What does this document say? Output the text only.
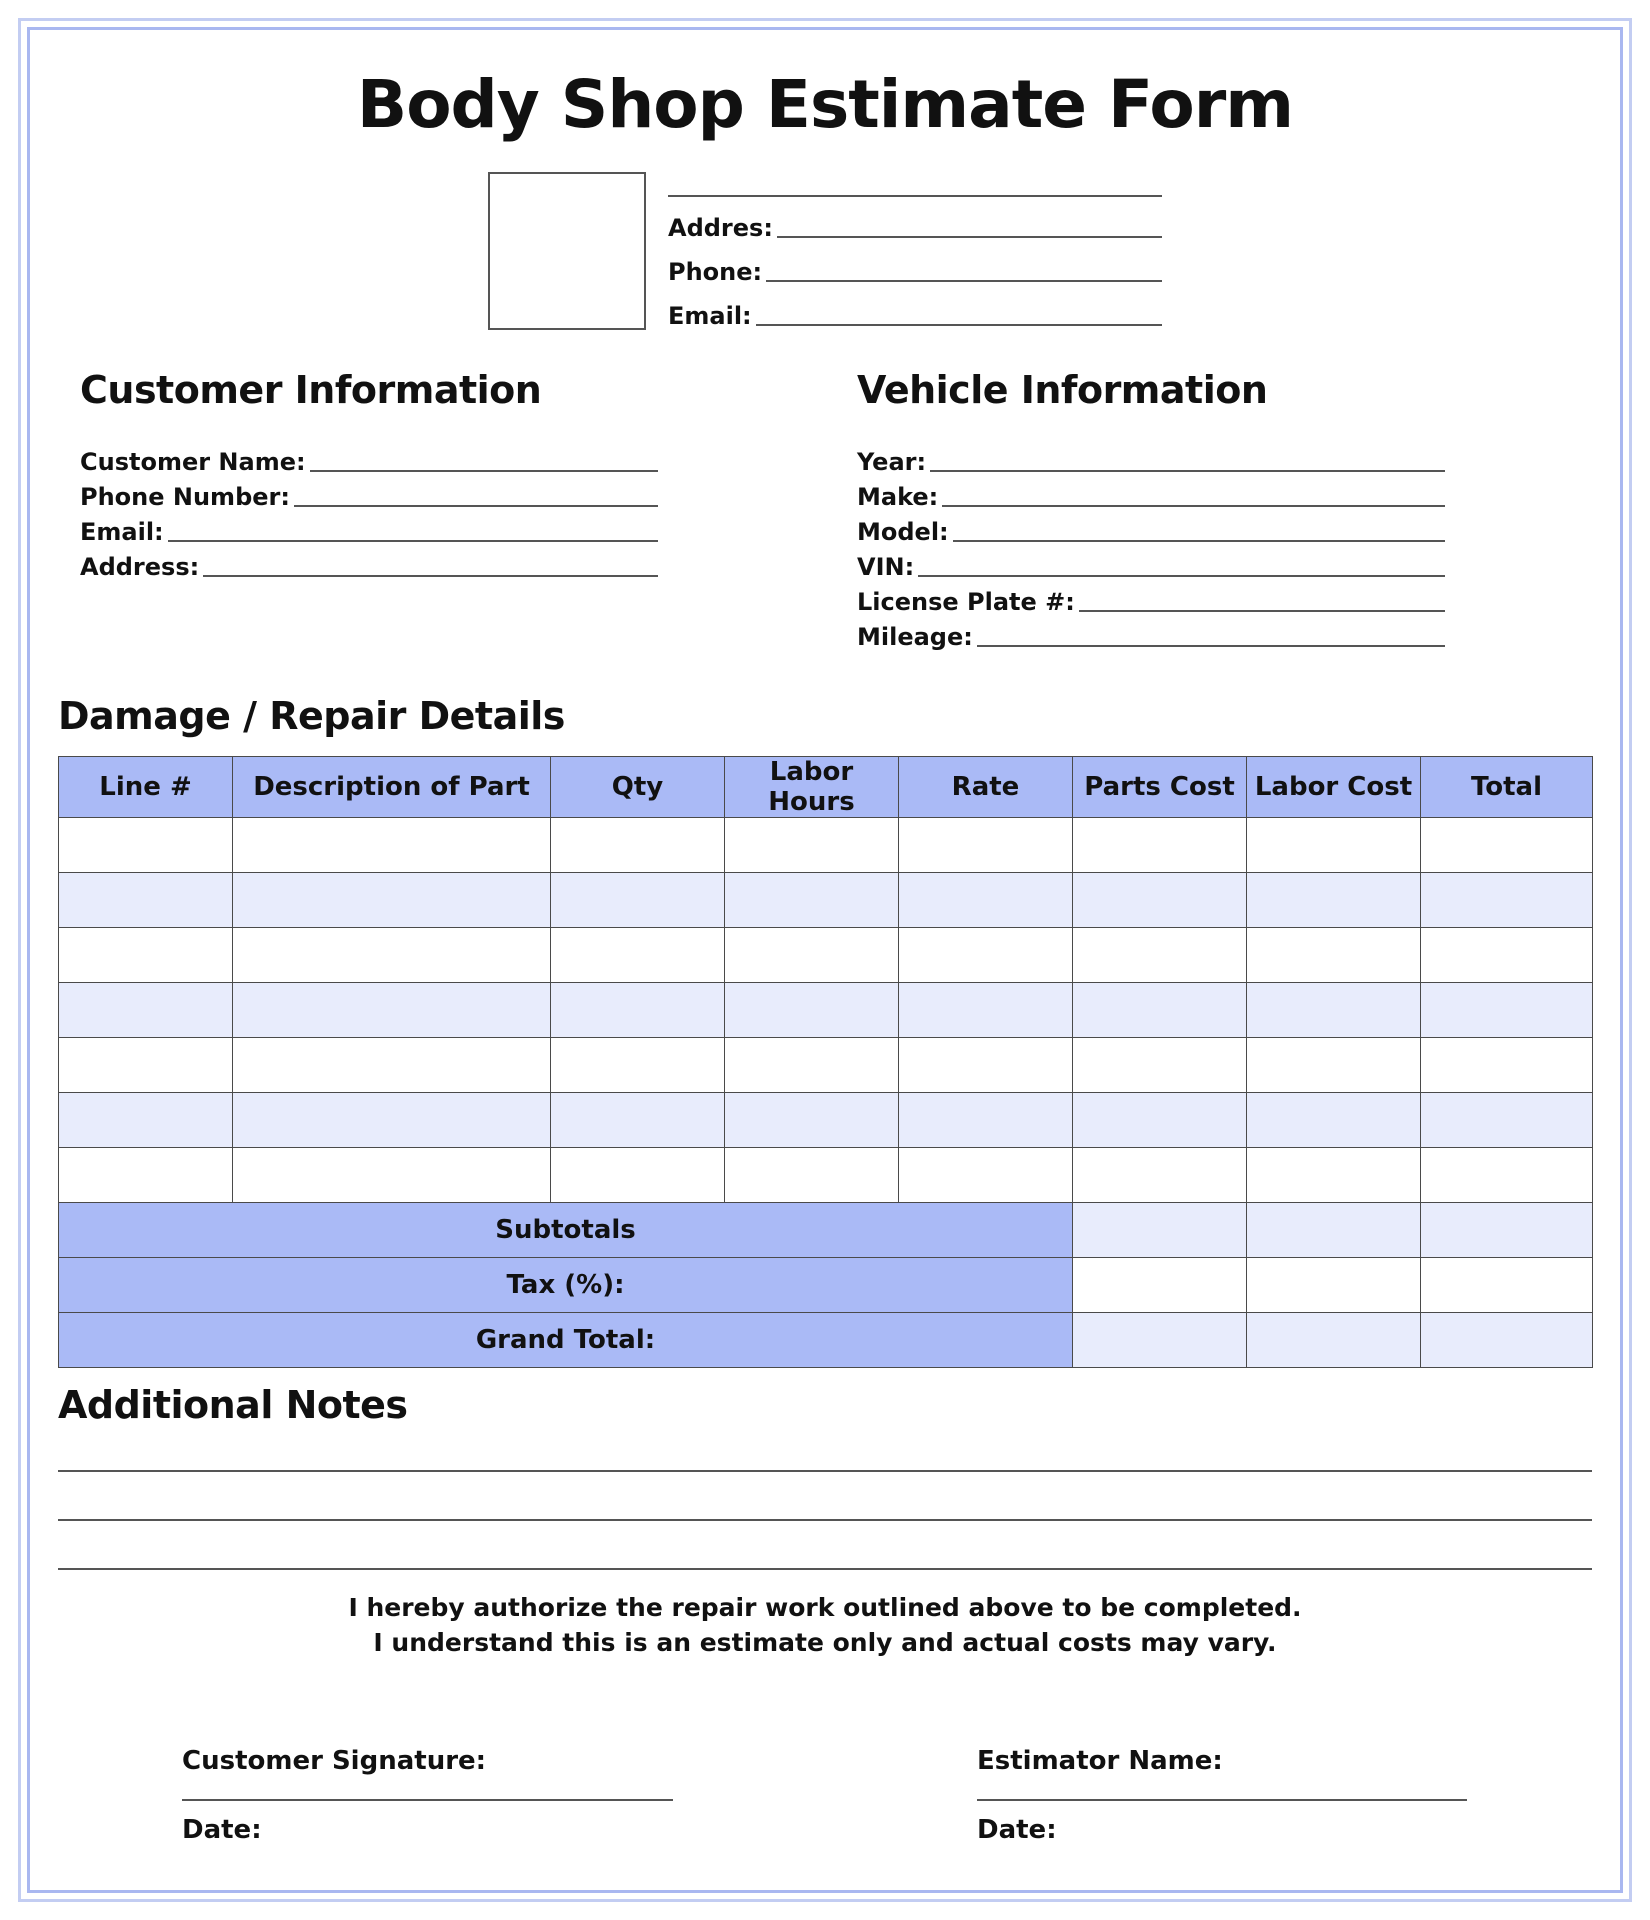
Body Shop Estimate Form
Addres:
Phone:
Email:
Customer Information
Customer Name:
Phone Number:
Email:
Address:
Vehicle Information
Year:
Make:
Model:
VIN:
License Plate #:
Mileage:
Damage / Repair Details
Line #	Description of Part	Qty	Labor Hours	Rate	Parts Cost	Labor Cost	Total

Subtotals							
Tax (%):							
Grand Total:							
Additional Notes
I hereby authorize the repair work outlined above to be completed.
I understand this is an estimate only and actual costs may vary.
Customer Signature:
Date:
Estimator Name:
Date:
